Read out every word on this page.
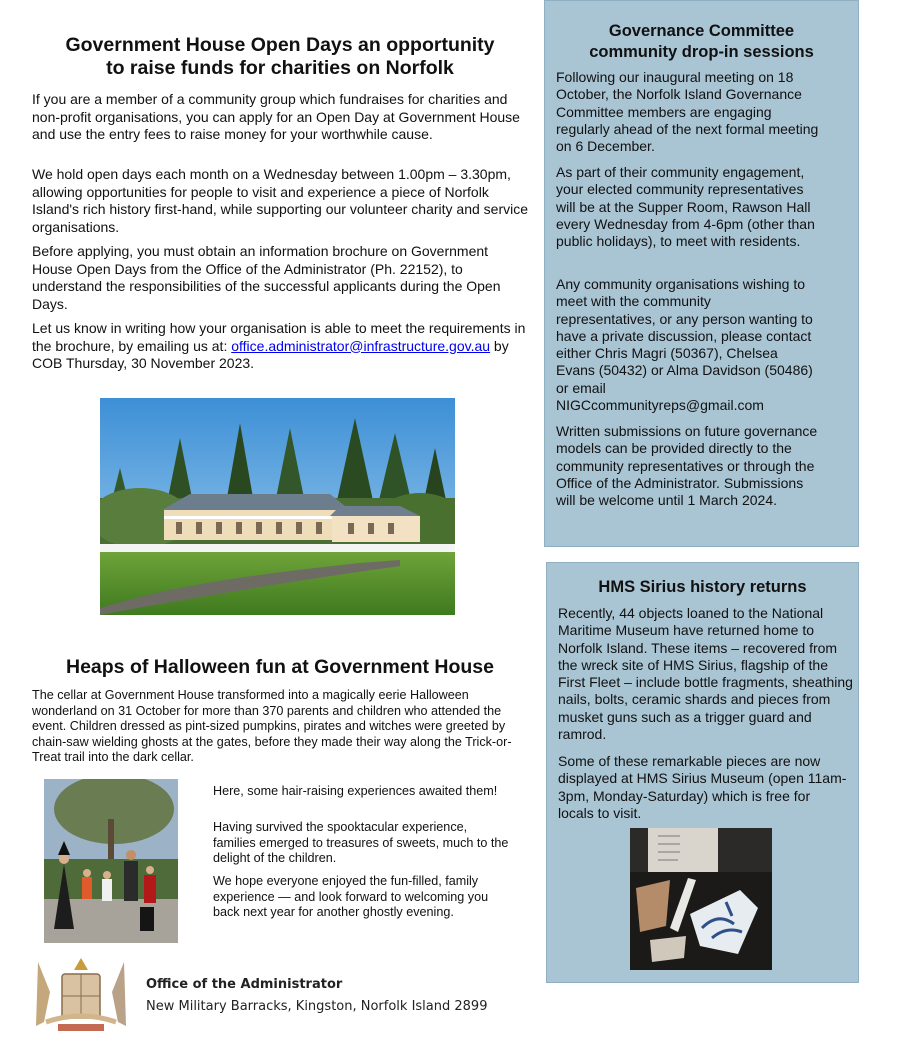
Government House Open Days an opportunity
to raise funds for charities on Norfolk

If you are a member of a community group which fundraises for charities and non-profit organisations, you can apply for an Open Day at Government House and use the entry fees to raise money for your worthwhile cause.

We hold open days each month on a Wednesday between 1.00pm – 3.30pm, allowing opportunities for people to visit and experience a piece of Norfolk Island's rich history first-hand, while supporting our volunteer charity and service organisations.

Before applying, you must obtain an information brochure on Government House Open Days from the Office of the Administrator (Ph. 22152), to understand the responsibilities of the successful applicants during the Open Days.

Let us know in writing how your organisation is able to meet the requirements in the brochure, by emailing us at: office.administrator@infrastructure.gov.au by COB Thursday, 30 November 2023.

Heaps of Halloween fun at Government House

The cellar at Government House transformed into a magically eerie Halloween wonderland on 31 October for more than 370 parents and children who attended the event. Children dressed as pint-sized pumpkins, pirates and witches were greeted by chain-saw wielding ghosts at the gates, before they made their way along the Trick-or-Treat trail into the dark cellar.

Here, some hair-raising experiences awaited them!

Having survived the spooktacular experience, families emerged to treasures of sweets, much to the delight of the children.

We hope everyone enjoyed the fun-filled, family experience — and look forward to welcoming you back next year for another ghostly evening.

Office of the Administrator
New Military Barracks, Kingston, Norfolk Island 2899
Governance Committee
community drop-in sessions

Following our inaugural meeting on 18 October, the Norfolk Island Governance Committee members are engaging regularly ahead of the next formal meeting on 6 December.

As part of their community engagement, your elected community representatives will be at the Supper Room, Rawson Hall every Wednesday from 4-6pm (other than public holidays), to meet with residents.

Any community organisations wishing to meet with the community representatives, or any person wanting to have a private discussion, please contact either Chris Magri (50367), Chelsea Evans (50432) or Alma Davidson (50486) or email NIGCcommunityreps@gmail.com

Written submissions on future governance models can be provided directly to the community representatives or through the Office of the Administrator. Submissions will be welcome until 1 March 2024.

HMS Sirius history returns

Recently, 44 objects loaned to the National Maritime Museum have returned home to Norfolk Island. These items – recovered from the wreck site of HMS Sirius, flagship of the First Fleet – include bottle fragments, sheathing nails, bolts, ceramic shards and pieces from musket guns such as a trigger guard and ramrod.

Some of these remarkable pieces are now displayed at HMS Sirius Museum (open 11am-3pm, Monday-Saturday) which is free for locals to visit.
